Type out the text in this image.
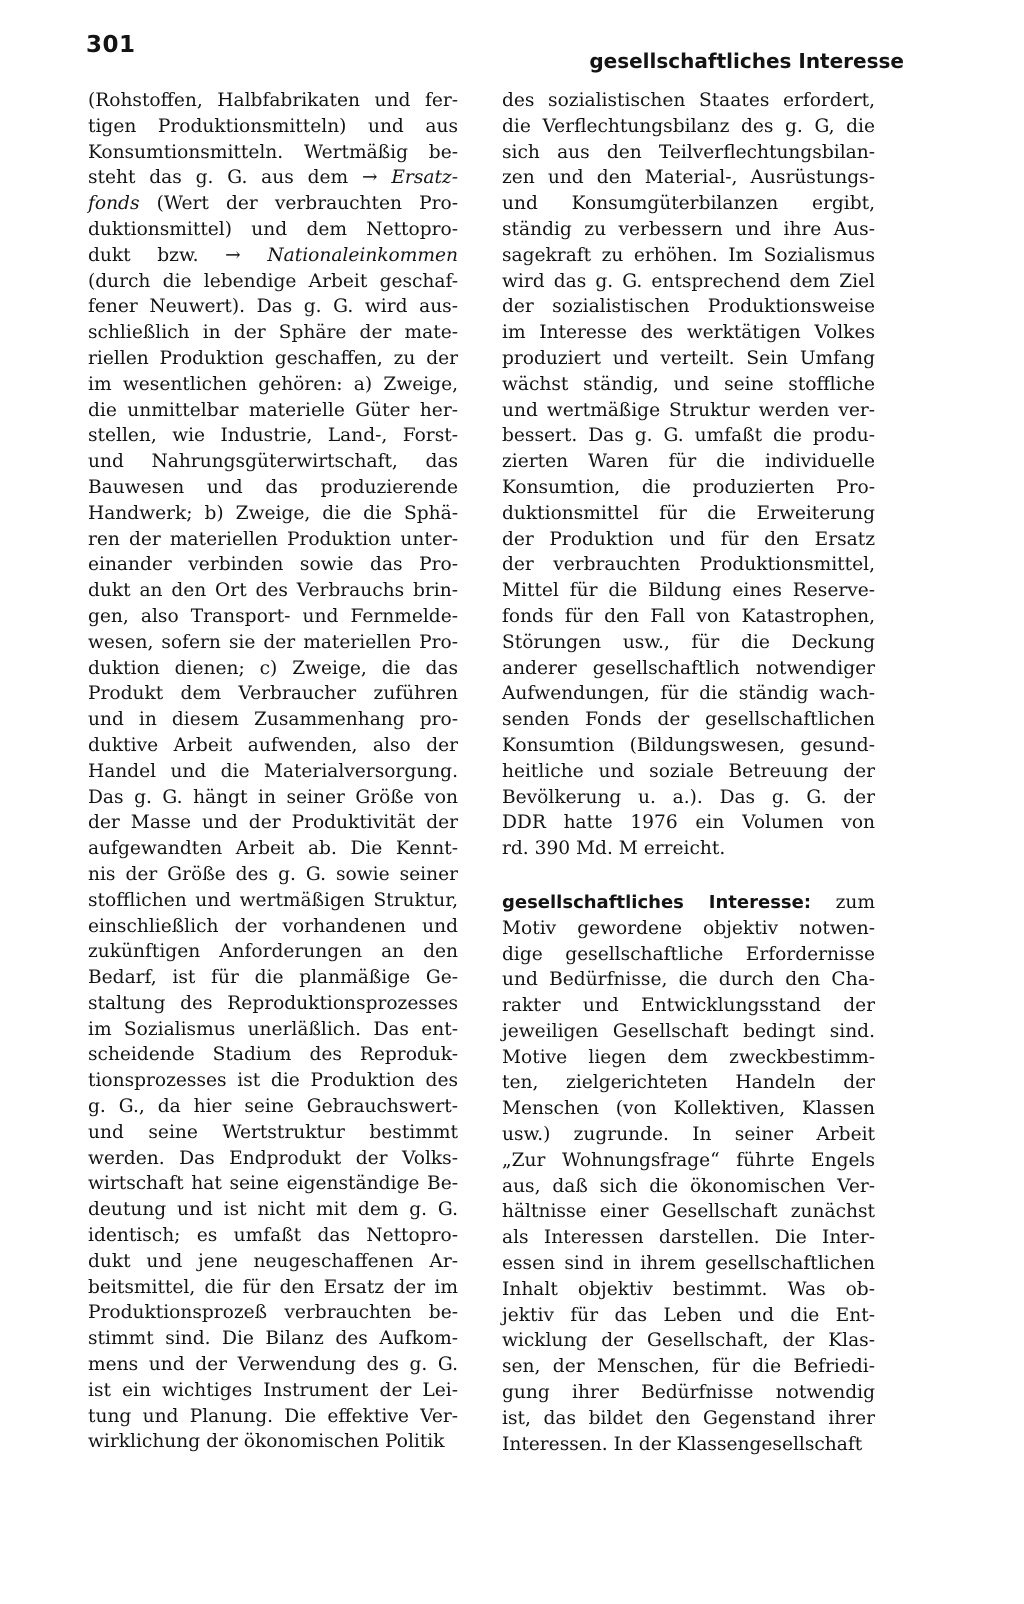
301
gesellschaftliches Interesse
(Rohstoffen, Halbfabrikaten und fer-
tigen Produktionsmitteln) und aus
Konsumtionsmitteln. Wertmäßig be-
steht das g. G. aus dem → Ersatz-
fonds (Wert der verbrauchten Pro-
duktionsmittel) und dem Nettopro-
dukt bzw. → Nationaleinkommen
(durch die lebendige Arbeit geschaf-
fener Neuwert). Das g. G. wird aus-
schließlich in der Sphäre der mate-
riellen Produktion geschaffen, zu der
im wesentlichen gehören: a) Zweige,
die unmittelbar materielle Güter her-
stellen, wie Industrie, Land-, Forst-
und Nahrungsgüterwirtschaft, das
Bauwesen und das produzierende
Handwerk; b) Zweige, die die Sphä-
ren der materiellen Produktion unter-
einander verbinden sowie das Pro-
dukt an den Ort des Verbrauchs brin-
gen, also Transport- und Fernmelde-
wesen, sofern sie der materiellen Pro-
duktion dienen; c) Zweige, die das
Produkt dem Verbraucher zuführen
und in diesem Zusammenhang pro-
duktive Arbeit aufwenden, also der
Handel und die Materialversorgung.
Das g. G. hängt in seiner Größe von
der Masse und der Produktivität der
aufgewandten Arbeit ab. Die Kennt-
nis der Größe des g. G. sowie seiner
stofflichen und wertmäßigen Struktur,
einschließlich der vorhandenen und
zukünftigen Anforderungen an den
Bedarf, ist für die planmäßige Ge-
staltung des Reproduktionsprozesses
im Sozialismus unerläßlich. Das ent-
scheidende Stadium des Reproduk-
tionsprozesses ist die Produktion des
g. G., da hier seine Gebrauchswert-
und seine Wertstruktur bestimmt
werden. Das Endprodukt der Volks-
wirtschaft hat seine eigenständige Be-
deutung und ist nicht mit dem g. G.
identisch; es umfaßt das Nettopro-
dukt und jene neugeschaffenen Ar-
beitsmittel, die für den Ersatz der im
Produktionsprozeß verbrauchten be-
stimmt sind. Die Bilanz des Aufkom-
mens und der Verwendung des g. G.
ist ein wichtiges Instrument der Lei-
tung und Planung. Die effektive Ver-
wirklichung der ökonomischen Politik
des sozialistischen Staates erfordert,
die Verflechtungsbilanz des g. G, die
sich aus den Teilverflechtungsbilan-
zen und den Material-, Ausrüstungs-
und Konsumgüterbilanzen ergibt,
ständig zu verbessern und ihre Aus-
sagekraft zu erhöhen. Im Sozialismus
wird das g. G. entsprechend dem Ziel
der sozialistischen Produktionsweise
im Interesse des werktätigen Volkes
produziert und verteilt. Sein Umfang
wächst ständig, und seine stoffliche
und wertmäßige Struktur werden ver-
bessert. Das g. G. umfaßt die produ-
zierten Waren für die individuelle
Konsumtion, die produzierten Pro-
duktionsmittel für die Erweiterung
der Produktion und für den Ersatz
der verbrauchten Produktionsmittel,
Mittel für die Bildung eines Reserve-
fonds für den Fall von Katastrophen,
Störungen usw., für die Deckung
anderer gesellschaftlich notwendiger
Aufwendungen, für die ständig wach-
senden Fonds der gesellschaftlichen
Konsumtion (Bildungswesen, gesund-
heitliche und soziale Betreuung der
Bevölkerung u. a.). Das g. G. der
DDR hatte 1976 ein Volumen von
rd. 390 Md. M erreicht.
gesellschaftliches Interesse: zum
Motiv gewordene objektiv notwen-
dige gesellschaftliche Erfordernisse
und Bedürfnisse, die durch den Cha-
rakter und Entwicklungsstand der
jeweiligen Gesellschaft bedingt sind.
Motive liegen dem zweckbestimm-
ten, zielgerichteten Handeln der
Menschen (von Kollektiven, Klassen
usw.) zugrunde. In seiner Arbeit
„Zur Wohnungsfrage“ führte Engels
aus, daß sich die ökonomischen Ver-
hältnisse einer Gesellschaft zunächst
als Interessen darstellen. Die Inter-
essen sind in ihrem gesellschaftlichen
Inhalt objektiv bestimmt. Was ob-
jektiv für das Leben und die Ent-
wicklung der Gesellschaft, der Klas-
sen, der Menschen, für die Befriedi-
gung ihrer Bedürfnisse notwendig
ist, das bildet den Gegenstand ihrer
Interessen. In der Klassengesellschaft
